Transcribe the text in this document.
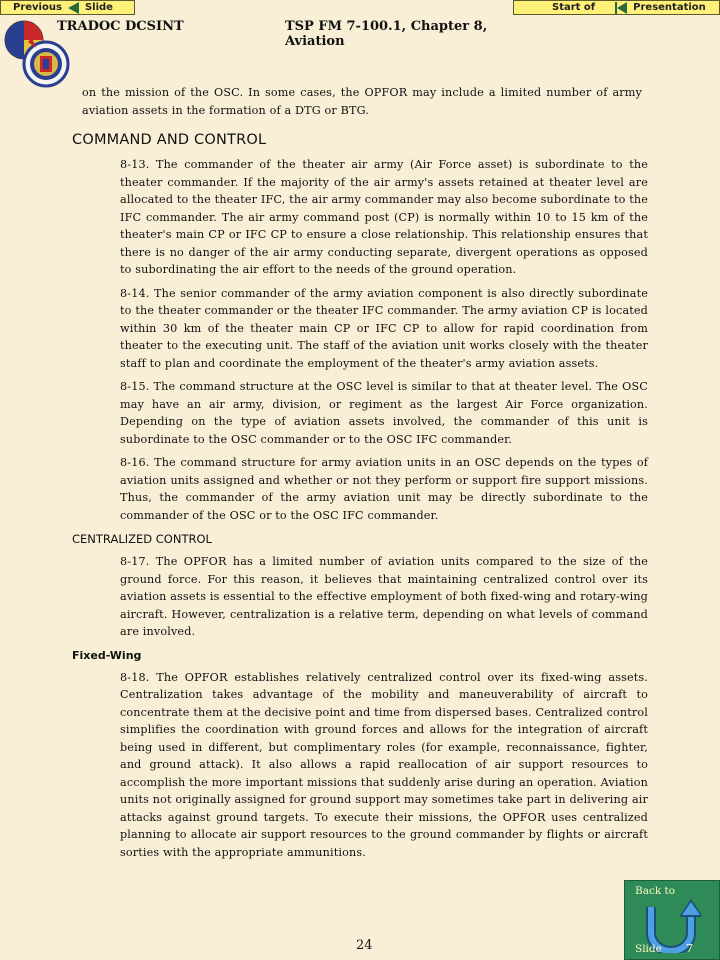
Previous Slide	Start of	Presentation
TRADOC DCSINT	TSP FM 7-100.1, Chapter 8, Aviation

on the mission of the OSC. In some cases, the OPFOR may include a limited number of army aviation assets in the formation of a DTG or BTG.

COMMAND AND CONTROL

8-13. The commander of the theater air army (Air Force asset) is subordinate to the theater commander. If the majority of the air army's assets retained at theater level are allocated to the theater IFC, the air army commander may also become subordinate to the IFC commander. The air army command post (CP) is normally within 10 to 15 km of the theater's main CP or IFC CP to ensure a close relationship. This relationship ensures that there is no danger of the air army conducting separate, divergent operations as opposed to subordinating the air effort to the needs of the ground operation.

8-14. The senior commander of the army aviation component is also directly subordinate to the theater commander or the theater IFC commander. The army aviation CP is located within 30 km of the theater main CP or IFC CP to allow for rapid coordination from theater to the executing unit. The staff of the aviation unit works closely with the theater staff to plan and coordinate the employment of the theater's army aviation assets.

8-15. The command structure at the OSC level is similar to that at theater level. The OSC may have an air army, division, or regiment as the largest Air Force organization. Depending on the type of aviation assets involved, the commander of this unit is subordinate to the OSC commander or to the OSC IFC commander.

8-16. The command structure for army aviation units in an OSC depends on the types of aviation units assigned and whether or not they perform or support fire support missions. Thus, the commander of the army aviation unit may be directly subordinate to the commander of the OSC or to the OSC IFC commander.

CENTRALIZED CONTROL

8-17. The OPFOR has a limited number of aviation units compared to the size of the ground force. For this reason, it believes that maintaining centralized control over its aviation assets is essential to the effective employment of both fixed-wing and rotary-wing aircraft. However, centralization is a relative term, depending on what levels of command are involved.

Fixed-Wing

8-18. The OPFOR establishes relatively centralized control over its fixed-wing assets. Centralization takes advantage of the mobility and maneuverability of aircraft to concentrate them at the decisive point and time from dispersed bases. Centralized control simplifies the coordination with ground forces and allows for the integration of aircraft being used in different, but complimentary roles (for example, reconnaissance, fighter, and ground attack). It also allows a rapid reallocation of air support resources to accomplish the more important missions that suddenly arise during an operation. Aviation units not originally assigned for ground support may sometimes take part in delivering air attacks against ground targets. To execute their missions, the OPFOR uses centralized planning to allocate air support resources to the ground commander by flights or aircraft sorties with the appropriate ammunitions.

24
Back to
Slide 7
